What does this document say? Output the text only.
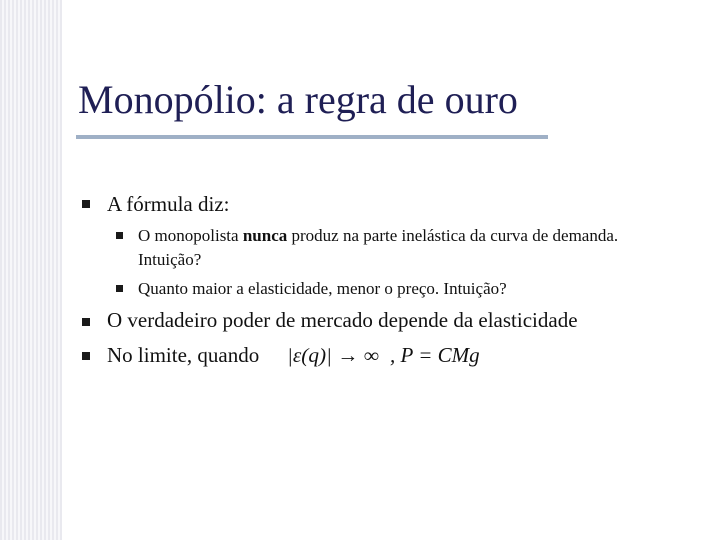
Monopólio: a regra de ouro
A fórmula diz:
O monopolista nunca produz na parte inelástica da curva de demanda.
Intuição?
Quanto maior a elasticidade, menor o preço. Intuição?
O verdadeiro poder de mercado depende da elasticidade
No limite, quando |ε(q)| → ∞ , P = CMg
